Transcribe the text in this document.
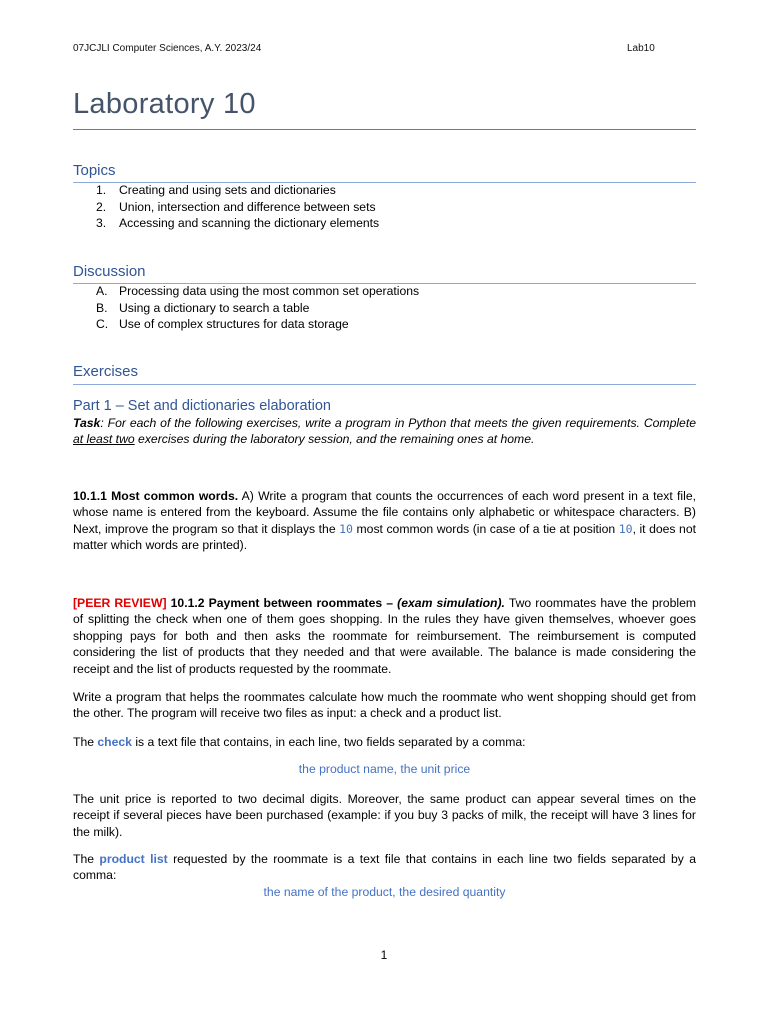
07JCJLI Computer Sciences, A.Y. 2023/24	Lab10
Laboratory 10
Topics
1. Creating and using sets and dictionaries
2. Union, intersection and difference between sets
3. Accessing and scanning the dictionary elements
Discussion
A. Processing data using the most common set operations
B. Using a dictionary to search a table
C. Use of complex structures for data storage
Exercises
Part 1 – Set and dictionaries elaboration

Task: For each of the following exercises, write a program in Python that meets the given requirements. Complete at least two exercises during the laboratory session, and the remaining ones at home.

10.1.1 Most common words. A) Write a program that counts the occurrences of each word present in a text file, whose name is entered from the keyboard. Assume the file contains only alphabetic or whitespace characters. B) Next, improve the program so that it displays the 10 most common words (in case of a tie at position 10, it does not matter which words are printed).

[PEER REVIEW] 10.1.2 Payment between roommates – (exam simulation). Two roommates have the problem of splitting the check when one of them goes shopping. In the rules they have given themselves, whoever goes shopping pays for both and then asks the roommate for reimbursement. The reimbursement is computed considering the list of products that they needed and that were available. The balance is made considering the receipt and the list of products requested by the roommate.

Write a program that helps the roommates calculate how much the roommate who went shopping should get from the other. The program will receive two files as input: a check and a product list.

The check is a text file that contains, in each line, two fields separated by a comma:

the product name, the unit price

The unit price is reported to two decimal digits. Moreover, the same product can appear several times on the receipt if several pieces have been purchased (example: if you buy 3 packs of milk, the receipt will have 3 lines for the milk).

The product list requested by the roommate is a text file that contains in each line two fields separated by a comma:

the name of the product, the desired quantity
1
